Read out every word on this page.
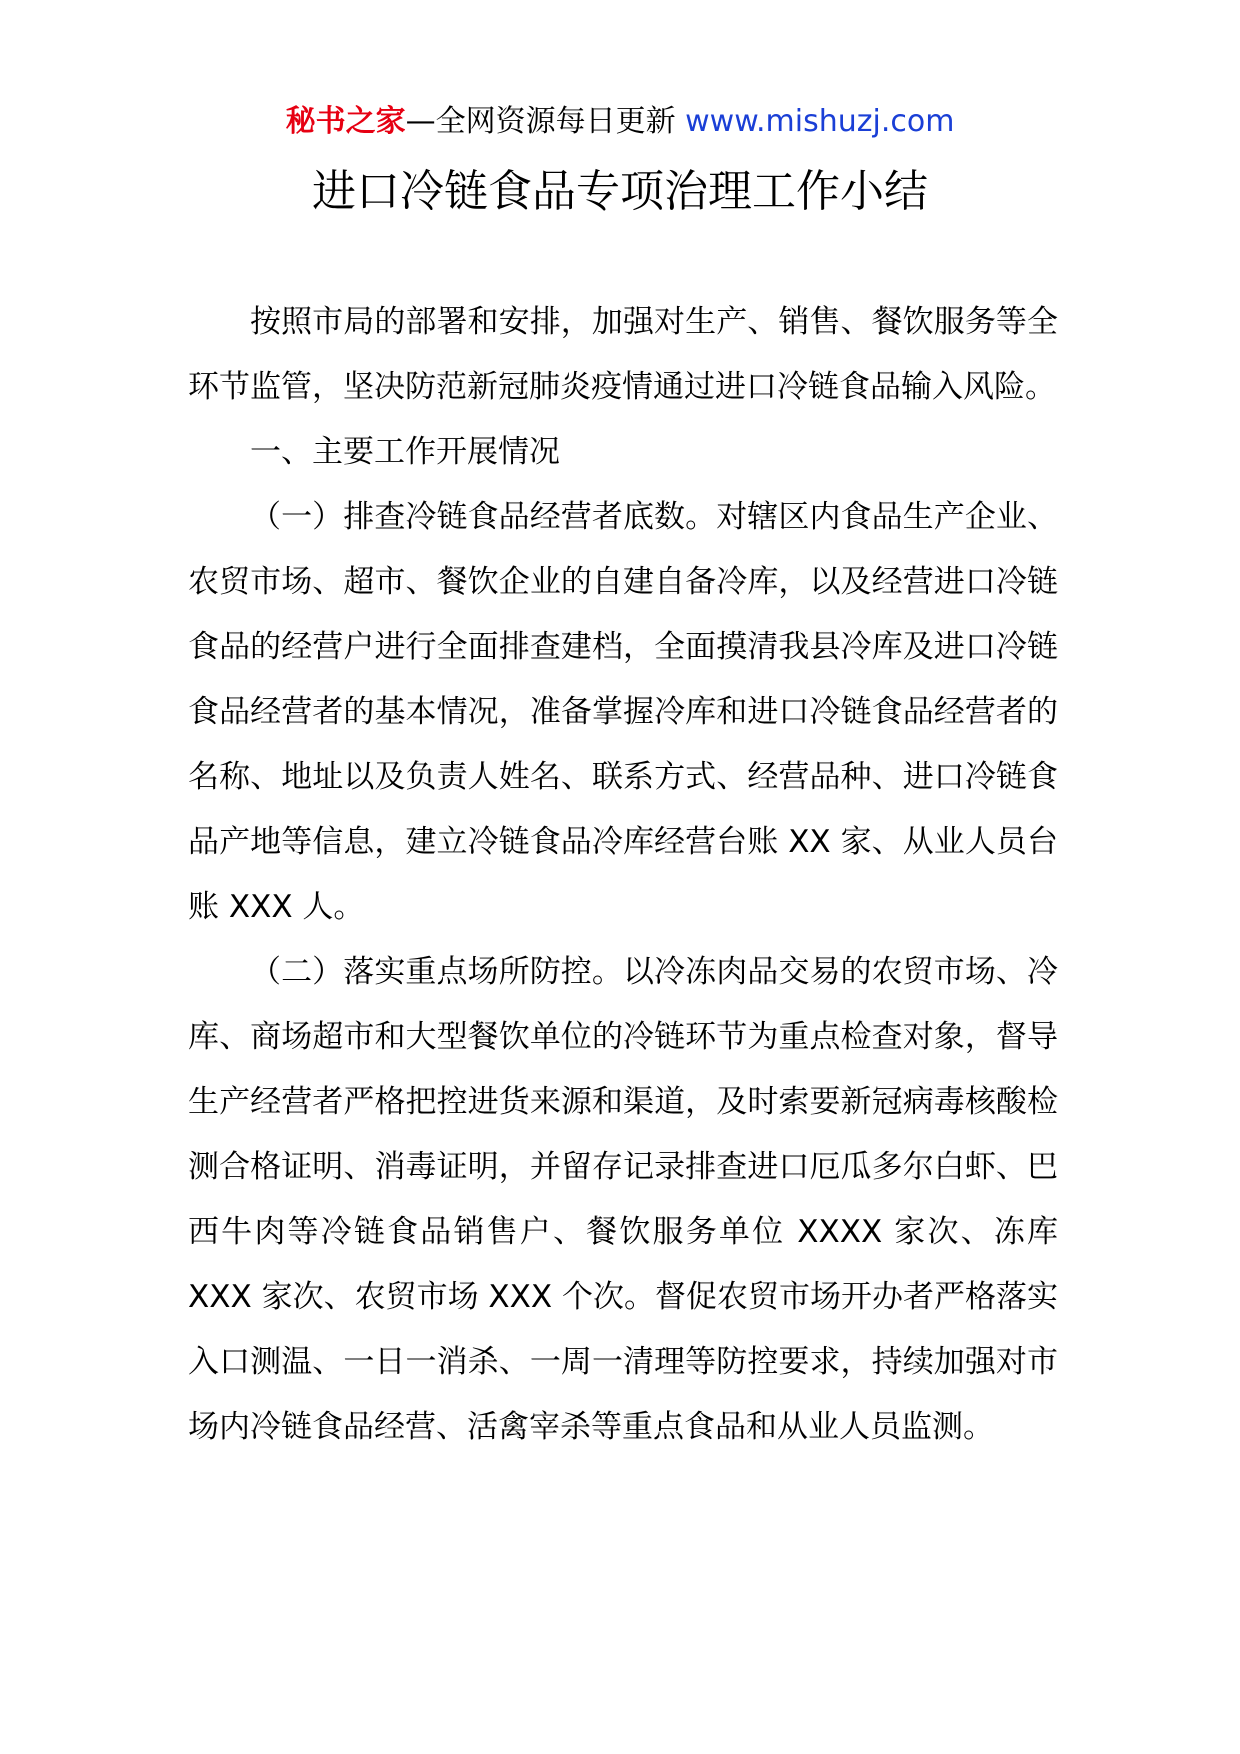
秘书之家—全网资源每日更新 www.mishuzj.com
进口冷链食品专项治理工作小结

按照市局的部署和安排，加强对生产、销售、餐饮服务等全环节监管，坚决防范新冠肺炎疫情通过进口冷链食品输入风险。

一、主要工作开展情况

（一）排查冷链食品经营者底数。对辖区内食品生产企业、农贸市场、超市、餐饮企业的自建自备冷库，以及经营进口冷链食品的经营户进行全面排查建档，全面摸清我县冷库及进口冷链食品经营者的基本情况，准备掌握冷库和进口冷链食品经营者的名称、地址以及负责人姓名、联系方式、经营品种、进口冷链食品产地等信息，建立冷链食品冷库经营台账 XX 家、从业人员台账 XXX 人。

（二）落实重点场所防控。以冷冻肉品交易的农贸市场、冷库、商场超市和大型餐饮单位的冷链环节为重点检查对象，督导生产经营者严格把控进货来源和渠道，及时索要新冠病毒核酸检测合格证明、消毒证明，并留存记录排查进口厄瓜多尔白虾、巴西牛肉等冷链食品销售户、餐饮服务单位 XXXX 家次、冻库 XXX 家次、农贸市场 XXX 个次。督促农贸市场开办者严格落实入口测温、一日一消杀、一周一清理等防控要求，持续加强对市场内冷链食品经营、活禽宰杀等重点食品和从业人员监测。
